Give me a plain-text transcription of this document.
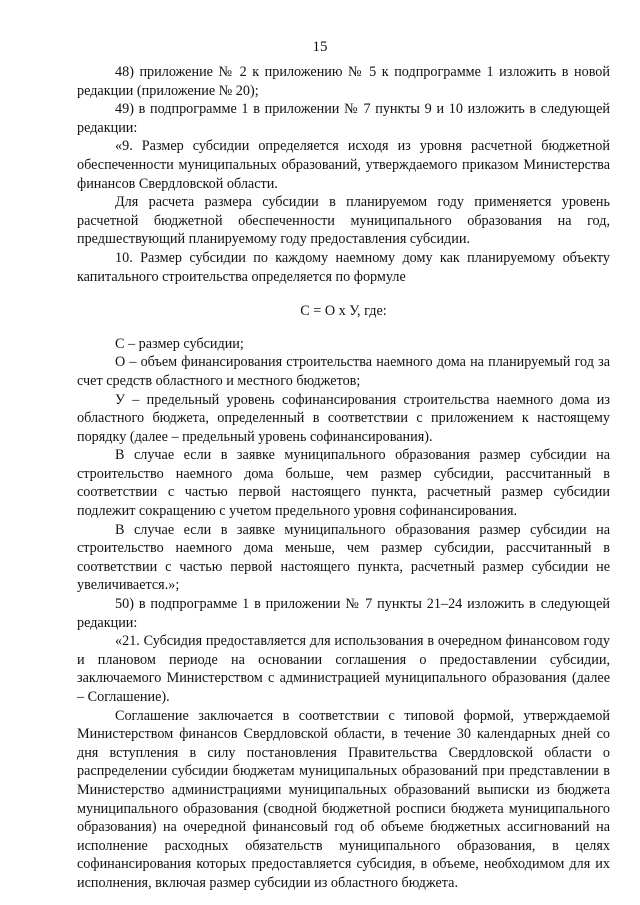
15

48) приложение № 2 к приложению № 5 к подпрограмме 1 изложить в новой редакции (приложение № 20);

49) в подпрограмме 1 в приложении № 7 пункты 9 и 10 изложить в следующей редакции:

«9. Размер субсидии определяется исходя из уровня расчетной бюджетной обеспеченности муниципальных образований, утверждаемого приказом Министерства финансов Свердловской области.

Для расчета размера субсидии в планируемом году применяется уровень расчетной бюджетной обеспеченности муниципального образования на год, предшествующий планируемому году предоставления субсидии.

10. Размер субсидии по каждому наемному дому как планируемому объекту капитального строительства определяется по формуле

С = О х У, где:

С – размер субсидии;

О – объем финансирования строительства наемного дома на планируемый год за счет средств областного и местного бюджетов;

У – предельный уровень софинансирования строительства наемного дома из областного бюджета, определенный в соответствии с приложением к настоящему порядку (далее – предельный уровень софинансирования).

В случае если в заявке муниципального образования размер субсидии на строительство наемного дома больше, чем размер субсидии, рассчитанный в соответствии с частью первой настоящего пункта, расчетный размер субсидии подлежит сокращению с учетом предельного уровня софинансирования.

В случае если в заявке муниципального образования размер субсидии на строительство наемного дома меньше, чем размер субсидии, рассчитанный в соответствии с частью первой настоящего пункта, расчетный размер субсидии не увеличивается.»;

50) в подпрограмме 1 в приложении № 7 пункты 21–24 изложить в следующей редакции:

«21. Субсидия предоставляется для использования в очередном финансовом году и плановом периоде на основании соглашения о предоставлении субсидии, заключаемого Министерством с администрацией муниципального образования (далее – Соглашение).

Соглашение заключается в соответствии с типовой формой, утверждаемой Министерством финансов Свердловской области, в течение 30 календарных дней со дня вступления в силу постановления Правительства Свердловской области о распределении субсидии бюджетам муниципальных образований при представлении в Министерство администрациями муниципальных образований выписки из бюджета муниципального образования (сводной бюджетной росписи бюджета муниципального образования) на очередной финансовый год об объеме бюджетных ассигнований на исполнение расходных обязательств муниципального образования, в целях софинансирования которых предоставляется субсидия, в объеме, необходимом для их исполнения, включая размер субсидии из областного бюджета.
